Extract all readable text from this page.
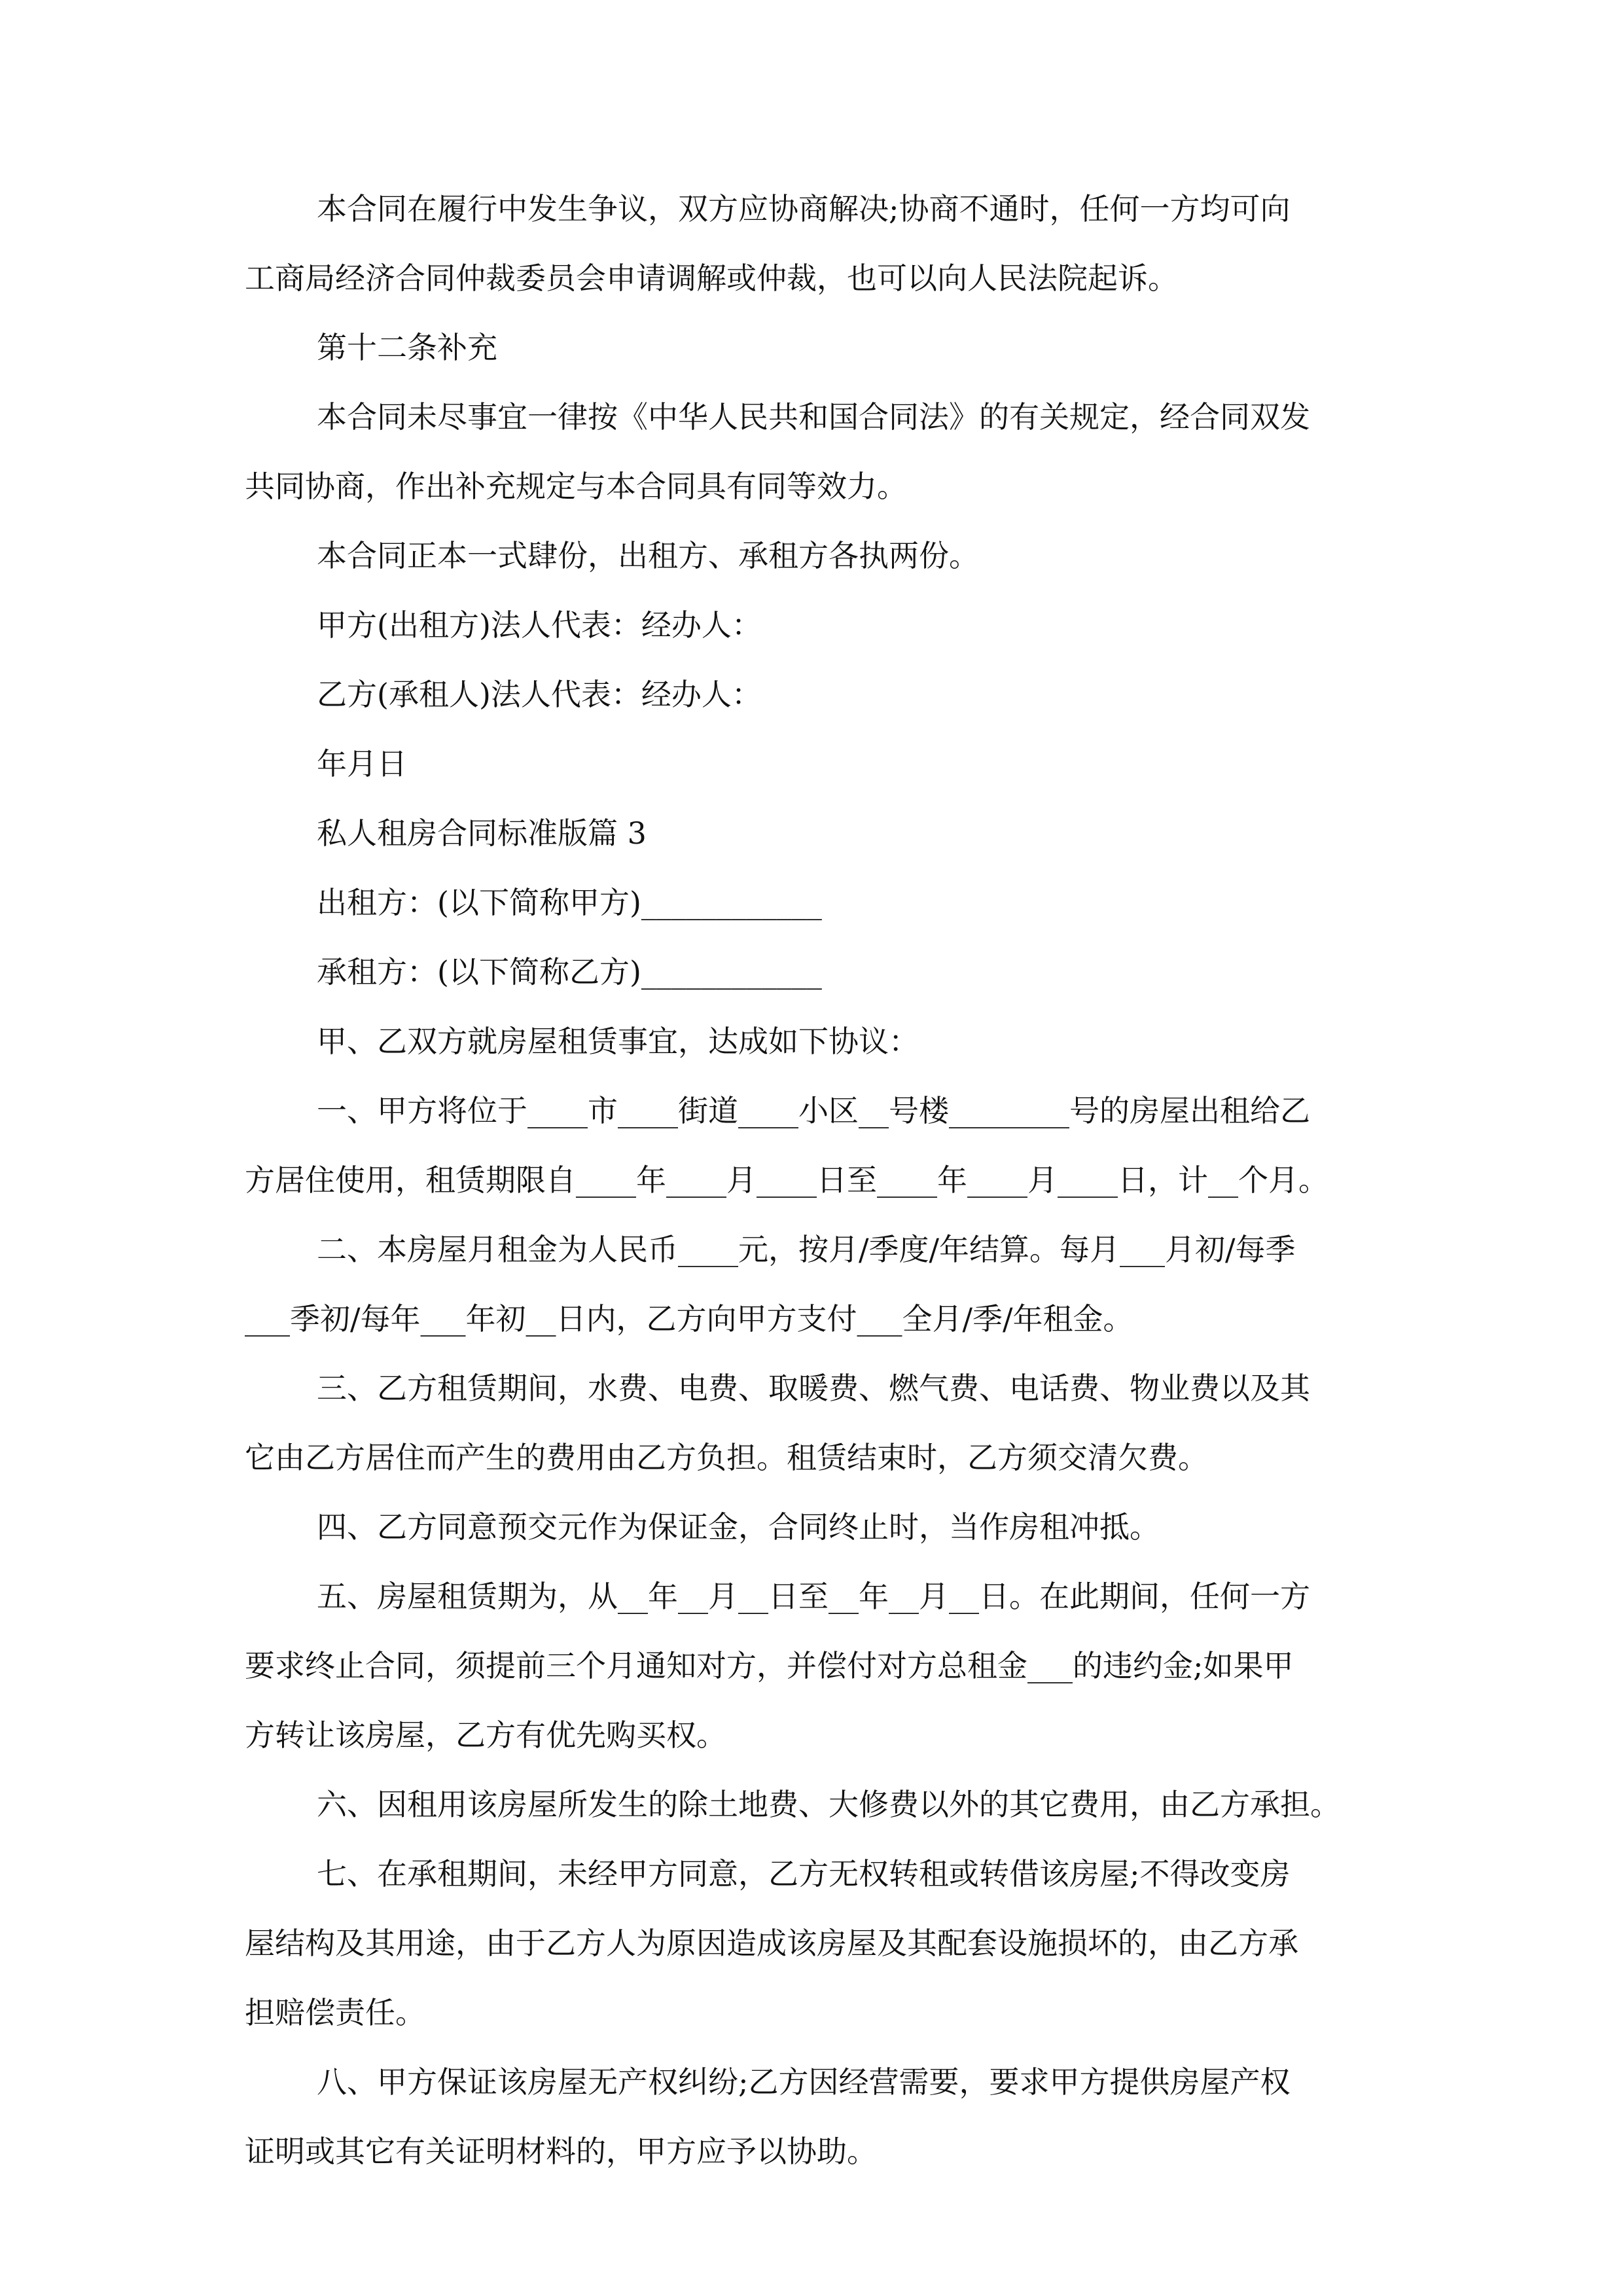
本合同在履行中发生争议，双方应协商解决;协商不通时，任何一方均可向
工商局经济合同仲裁委员会申请调解或仲裁，也可以向人民法院起诉。
第十二条补充
本合同未尽事宜一律按《中华人民共和国合同法》的有关规定，经合同双发
共同协商，作出补充规定与本合同具有同等效力。
本合同正本一式肆份，出租方、承租方各执两份。
甲方(出租方)法人代表：经办人：
乙方(承租人)法人代表：经办人：
年月日
私人租房合同标准版篇 3
出租方：(以下简称甲方)____________
承租方：(以下简称乙方)____________
甲、乙双方就房屋租赁事宜，达成如下协议：
一、甲方将位于____市____街道____小区__号楼________号的房屋出租给乙
方居住使用，租赁期限自____年____月____日至____年____月____日，计__个月。
二、本房屋月租金为人民币____元，按月/季度/年结算。每月___月初/每季
___季初/每年___年初__日内，乙方向甲方支付___全月/季/年租金。
三、乙方租赁期间，水费、电费、取暖费、燃气费、电话费、物业费以及其
它由乙方居住而产生的费用由乙方负担。租赁结束时，乙方须交清欠费。
四、乙方同意预交元作为保证金，合同终止时，当作房租冲抵。
五、房屋租赁期为，从__年__月__日至__年__月__日。在此期间，任何一方
要求终止合同，须提前三个月通知对方，并偿付对方总租金___的违约金;如果甲
方转让该房屋，乙方有优先购买权。
六、因租用该房屋所发生的除土地费、大修费以外的其它费用，由乙方承担。
七、在承租期间，未经甲方同意，乙方无权转租或转借该房屋;不得改变房
屋结构及其用途，由于乙方人为原因造成该房屋及其配套设施损坏的，由乙方承
担赔偿责任。
八、甲方保证该房屋无产权纠纷;乙方因经营需要，要求甲方提供房屋产权
证明或其它有关证明材料的，甲方应予以协助。
